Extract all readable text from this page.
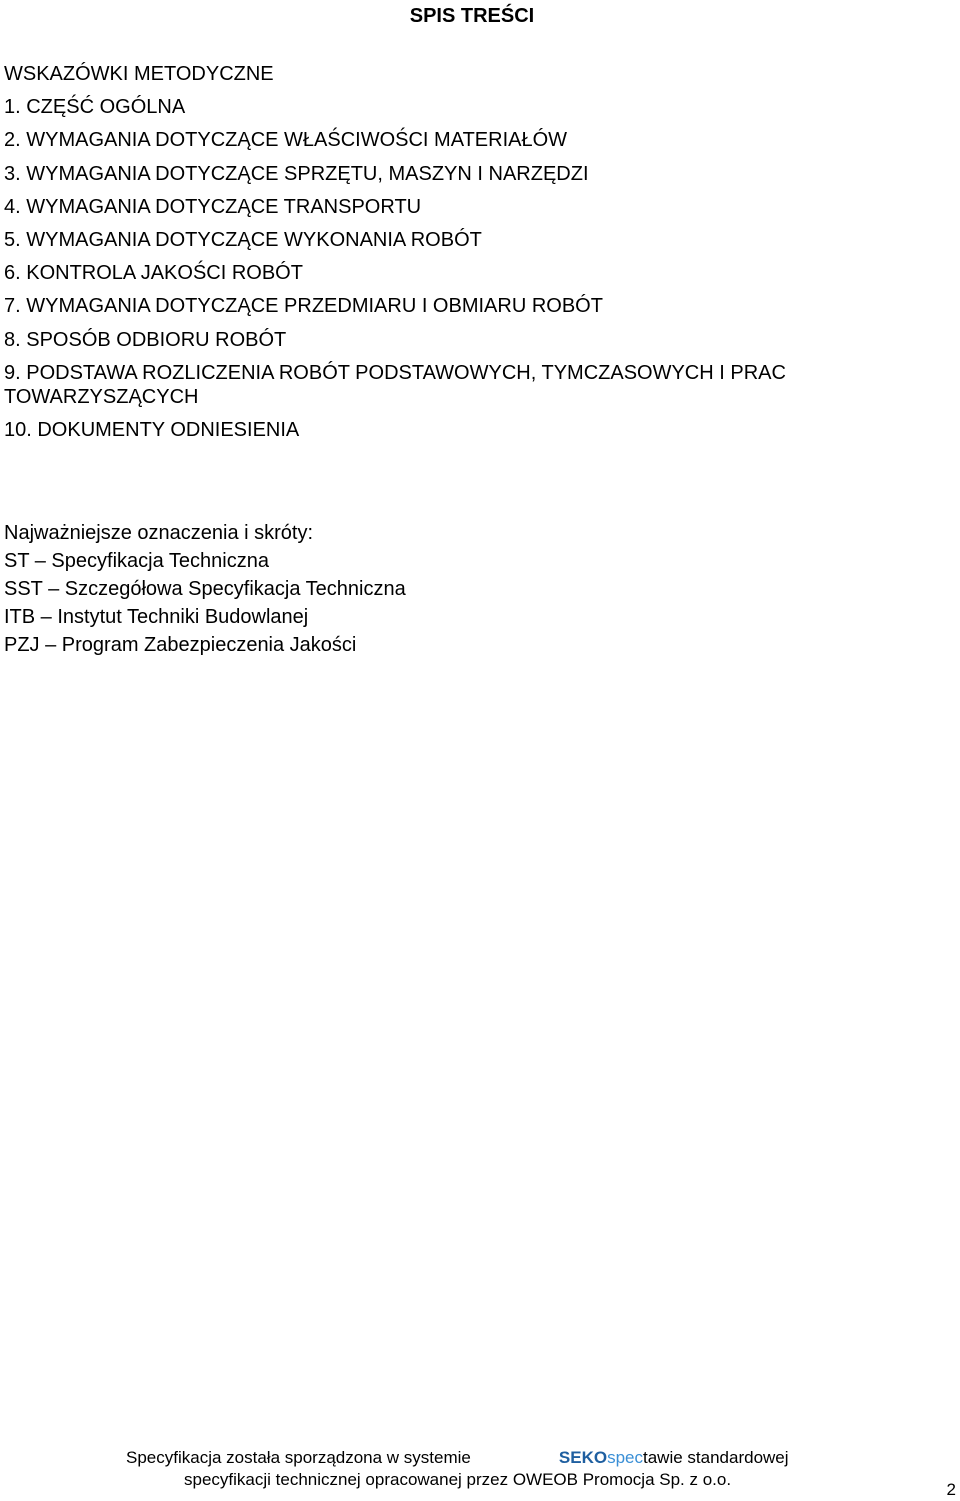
SPIS TREŚCI
WSKAZÓWKI METODYCZNE
1. CZĘŚĆ OGÓLNA
2. WYMAGANIA DOTYCZĄCE WŁAŚCIWOŚCI MATERIAŁÓW
3. WYMAGANIA DOTYCZĄCE SPRZĘTU, MASZYN I NARZĘDZI
4. WYMAGANIA DOTYCZĄCE TRANSPORTU
5. WYMAGANIA DOTYCZĄCE WYKONANIA ROBÓT
6. KONTROLA JAKOŚCI ROBÓT
7. WYMAGANIA DOTYCZĄCE PRZEDMIARU I OBMIARU ROBÓT
8. SPOSÓB ODBIORU ROBÓT
9. PODSTAWA ROZLICZENIA ROBÓT PODSTAWOWYCH, TYMCZASOWYCH I PRAC TOWARZYSZĄCYCH
10. DOKUMENTY ODNIESIENIA
Najważniejsze oznaczenia i skróty:
ST – Specyfikacja Techniczna
SST – Szczegółowa Specyfikacja Techniczna
ITB – Instytut Techniki Budowlanej
PZJ – Program Zabezpieczenia Jakości
Specyfikacja została sporządzona w systemie	SEKOspectawie standardowej
specyfikacji technicznej opracowanej przez OWEOB Promocja Sp. z o.o.
2
